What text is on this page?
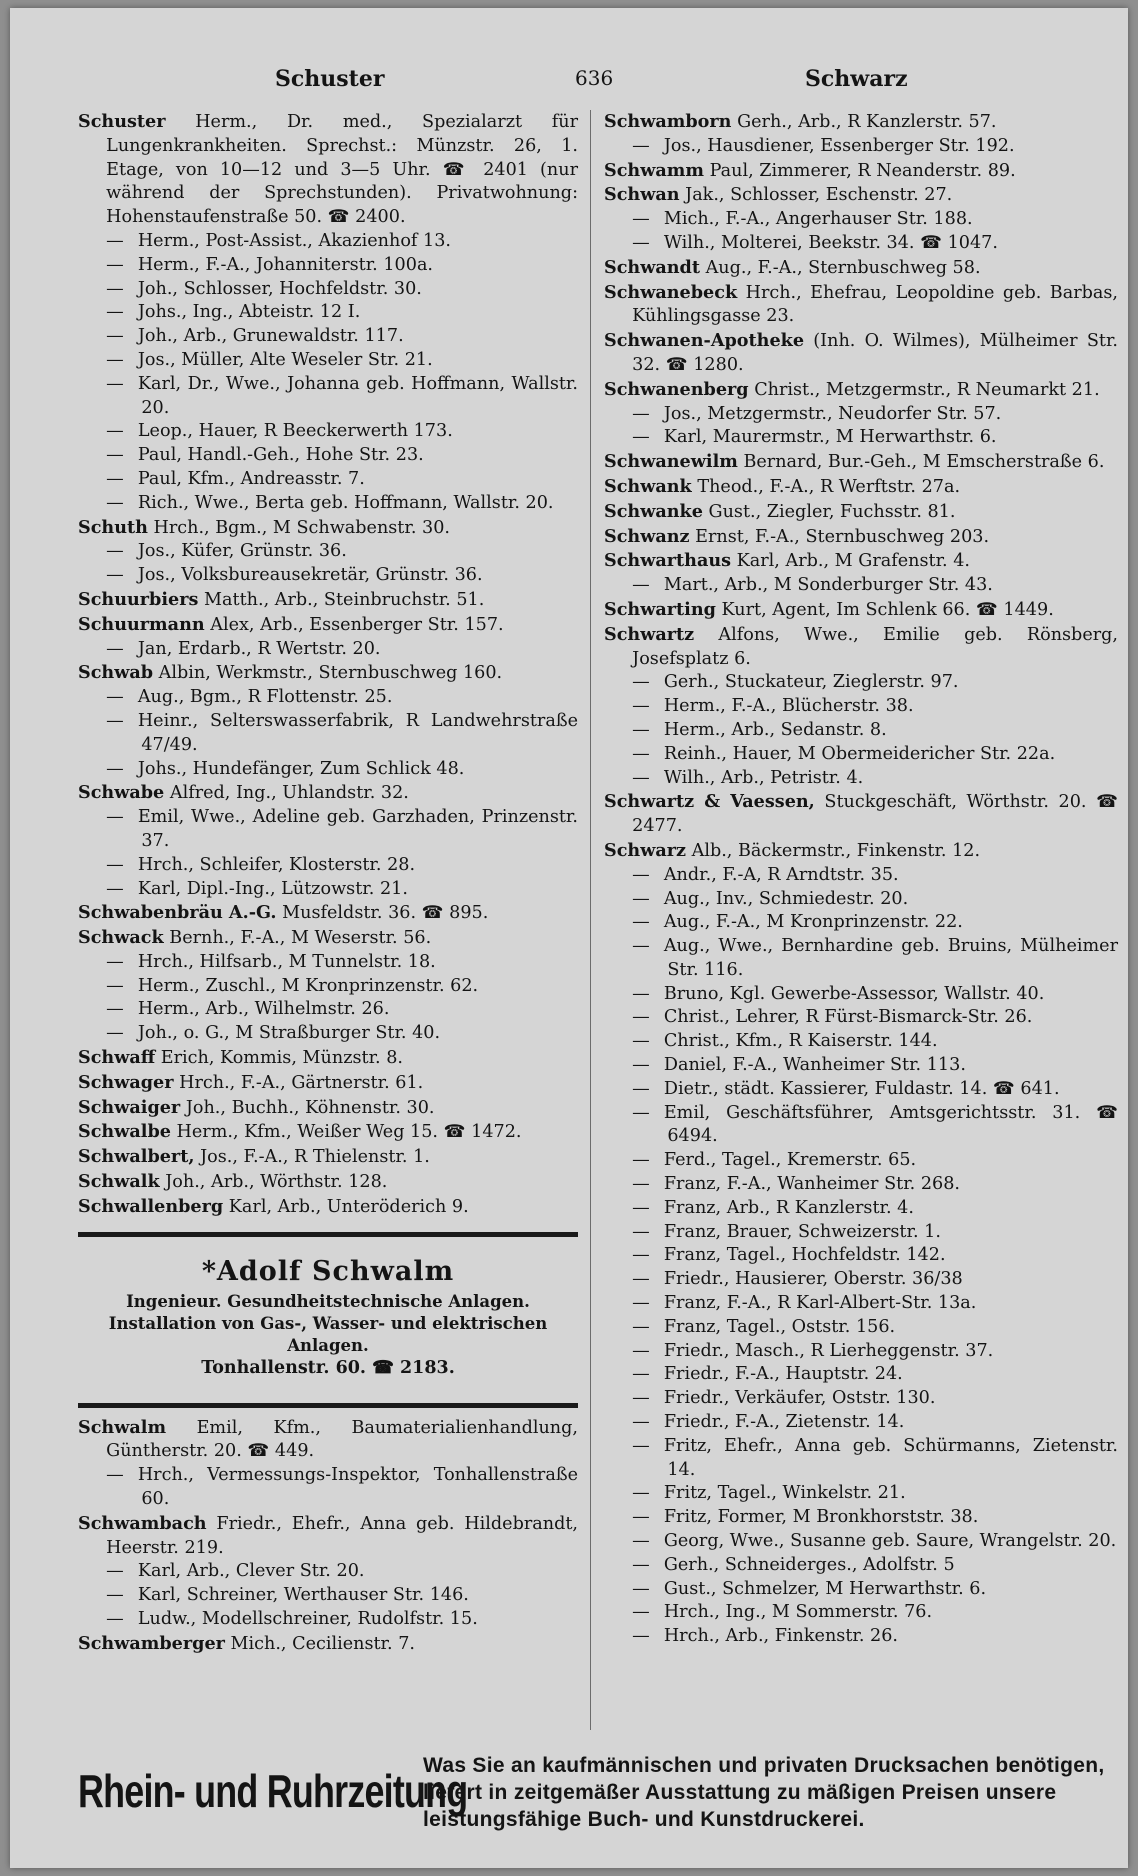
Schuster	636	Schwarz

Schuster Herm., Dr. med., Spezialarzt für Lungenkrankheiten. Sprechst.: Münzstr. 26, 1. Etage, von 10—12 und 3—5 Uhr. ☎ 2401 (nur während der Sprechstunden). Privatwohnung: Hohenstaufenstraße 50. ☎ 2400.

— Herm., Post-Assist., Akazienhof 13.

— Herm., F.-A., Johanniterstr. 100a.

— Joh., Schlosser, Hochfeldstr. 30.

— Johs., Ing., Abteistr. 12 I.

— Joh., Arb., Grunewaldstr. 117.

— Jos., Müller, Alte Weseler Str. 21.

— Karl, Dr., Wwe., Johanna geb. Hoffmann, Wallstr. 20.

— Leop., Hauer, R Beeckerwerth 173.

— Paul, Handl.-Geh., Hohe Str. 23.

— Paul, Kfm., Andreasstr. 7.

— Rich., Wwe., Berta geb. Hoffmann, Wallstr. 20.

Schuth Hrch., Bgm., M Schwabenstr. 30.

— Jos., Küfer, Grünstr. 36.

— Jos., Volksbureausekretär, Grünstr. 36.

Schuurbiers Matth., Arb., Steinbruchstr. 51.

Schuurmann Alex, Arb., Essenberger Str. 157.

— Jan, Erdarb., R Wertstr. 20.

Schwab Albin, Werkmstr., Sternbuschweg 160.

— Aug., Bgm., R Flottenstr. 25.

— Heinr., Selterswasserfabrik, R Landwehrstraße 47/49.

— Johs., Hundefänger, Zum Schlick 48.

Schwabe Alfred, Ing., Uhlandstr. 32.

— Emil, Wwe., Adeline geb. Garzhaden, Prinzenstr. 37.

— Hrch., Schleifer, Klosterstr. 28.

— Karl, Dipl.-Ing., Lützowstr. 21.

Schwabenbräu A.-G. Musfeldstr. 36. ☎ 895.

Schwack Bernh., F.-A., M Weserstr. 56.

— Hrch., Hilfsarb., M Tunnelstr. 18.

— Herm., Zuschl., M Kronprinzenstr. 62.

— Herm., Arb., Wilhelmstr. 26.

— Joh., o. G., M Straßburger Str. 40.

Schwaff Erich, Kommis, Münzstr. 8.

Schwager Hrch., F.-A., Gärtnerstr. 61.

Schwaiger Joh., Buchh., Köhnenstr. 30.

Schwalbe Herm., Kfm., Weißer Weg 15. ☎ 1472.

Schwalbert, Jos., F.-A., R Thielenstr. 1.

Schwalk Joh., Arb., Wörthstr. 128.

Schwallenberg Karl, Arb., Unteröderich 9.

*Adolf Schwalm
Ingenieur. Gesundheitstechnische Anlagen.
Installation von Gas-, Wasser- und elektrischen Anlagen.
Tonhallenstr. 60. ☎ 2183.

Schwalm Emil, Kfm., Baumaterialienhandlung, Güntherstr. 20. ☎ 449.

— Hrch., Vermessungs-Inspektor, Tonhallenstraße 60.

Schwambach Friedr., Ehefr., Anna geb. Hildebrandt, Heerstr. 219.

— Karl, Arb., Clever Str. 20.

— Karl, Schreiner, Werthauser Str. 146.

— Ludw., Modellschreiner, Rudolfstr. 15.

Schwamberger Mich., Cecilienstr. 7.

Schwamborn Gerh., Arb., R Kanzlerstr. 57.

— Jos., Hausdiener, Essenberger Str. 192.

Schwamm Paul, Zimmerer, R Neanderstr. 89.

Schwan Jak., Schlosser, Eschenstr. 27.

— Mich., F.-A., Angerhauser Str. 188.

— Wilh., Molterei, Beekstr. 34. ☎ 1047.

Schwandt Aug., F.-A., Sternbuschweg 58.

Schwanebeck Hrch., Ehefrau, Leopoldine geb. Barbas, Kühlingsgasse 23.

Schwanen-Apotheke (Inh. O. Wilmes), Mülheimer Str. 32. ☎ 1280.

Schwanenberg Christ., Metzgermstr., R Neumarkt 21.

— Jos., Metzgermstr., Neudorfer Str. 57.

— Karl, Maurermstr., M Herwarthstr. 6.

Schwanewilm Bernard, Bur.-Geh., M Emscherstraße 6.

Schwank Theod., F.-A., R Werftstr. 27a.

Schwanke Gust., Ziegler, Fuchsstr. 81.

Schwanz Ernst, F.-A., Sternbuschweg 203.

Schwarthaus Karl, Arb., M Grafenstr. 4.

— Mart., Arb., M Sonderburger Str. 43.

Schwarting Kurt, Agent, Im Schlenk 66. ☎ 1449.

Schwartz Alfons, Wwe., Emilie geb. Rönsberg, Josefsplatz 6.

— Gerh., Stuckateur, Zieglerstr. 97.

— Herm., F.-A., Blücherstr. 38.

— Herm., Arb., Sedanstr. 8.

— Reinh., Hauer, M Obermeidericher Str. 22a.

— Wilh., Arb., Petristr. 4.

Schwartz & Vaessen, Stuckgeschäft, Wörthstr. 20. ☎ 2477.

Schwarz Alb., Bäckermstr., Finkenstr. 12.

— Andr., F.-A, R Arndtstr. 35.

— Aug., Inv., Schmiedestr. 20.

— Aug., F.-A., M Kronprinzenstr. 22.

— Aug., Wwe., Bernhardine geb. Bruins, Mülheimer Str. 116.

— Bruno, Kgl. Gewerbe-Assessor, Wallstr. 40.

— Christ., Lehrer, R Fürst-Bismarck-Str. 26.

— Christ., Kfm., R Kaiserstr. 144.

— Daniel, F.-A., Wanheimer Str. 113.

— Dietr., städt. Kassierer, Fuldastr. 14. ☎ 641.

— Emil, Geschäftsführer, Amtsgerichtsstr. 31. ☎ 6494.

— Ferd., Tagel., Kremerstr. 65.

— Franz, F.-A., Wanheimer Str. 268.

— Franz, Arb., R Kanzlerstr. 4.

— Franz, Brauer, Schweizerstr. 1.

— Franz, Tagel., Hochfeldstr. 142.

— Friedr., Hausierer, Oberstr. 36/38

— Franz, F.-A., R Karl-Albert-Str. 13a.

— Franz, Tagel., Oststr. 156.

— Friedr., Masch., R Lierheggenstr. 37.

— Friedr., F.-A., Hauptstr. 24.

— Friedr., Verkäufer, Oststr. 130.

— Friedr., F.-A., Zietenstr. 14.

— Fritz, Ehefr., Anna geb. Schürmanns, Zietenstr. 14.

— Fritz, Tagel., Winkelstr. 21.

— Fritz, Former, M Bronkhorststr. 38.

— Georg, Wwe., Susanne geb. Saure, Wrangelstr. 20.

— Gerh., Schneiderges., Adolfstr. 5

— Gust., Schmelzer, M Herwarthstr. 6.

— Hrch., Ing., M Sommerstr. 76.

— Hrch., Arb., Finkenstr. 26.

Rhein- und Ruhrzeitung
Was Sie an kaufmännischen und privaten Drucksachen benötigen, liefert in zeitgemäßer Ausstattung zu mäßigen Preisen unsere leistungsfähige Buch- und Kunstdruckerei.
